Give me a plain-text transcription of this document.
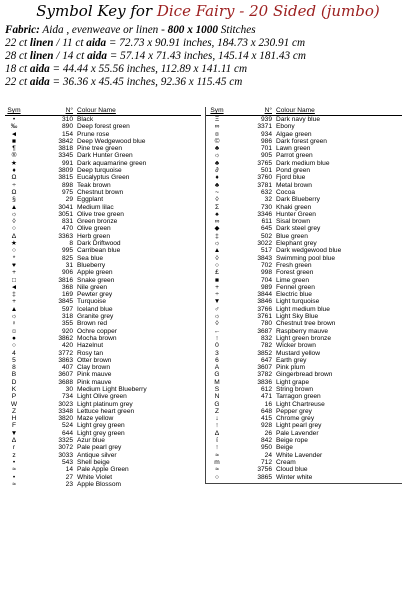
Symbol Key for Dice Fairy - 20 Sided (jumbo)
Fabric: Aida , evenweave or linen - 800 x 1000 Stitches
22 ct linen / 11 ct aida = 72.73 x 90.91 inches, 184.73 x 230.91 cm
28 ct linen / 14 ct aida = 57.14 x 71.43 inches, 145.14 x 181.43 cm
18 ct aida = 44.44 x 55.56 inches, 112.89 x 141.11 cm
22 ct aida = 36.36 x 45.45 inches, 92.36 x 115.45 cm
Sym	N° Colour Name
•	310 Black
‰	890 Deep forest green
◄	154 Prune rose
■	3842 Deep Wedgewood blue
¶	3818 Pine tree green
®	3345 Dark Hunter Green
★	991 Dark aquamarine green
♦	3809 Deep turquoise
Ω	3815 Eucalyptus Green
÷	898 Teak brown
Ω	975 Chestnut brown
§	29 Eggplant
▲	3041 Medium lilac
☼	3051 Olive tree green
◊	831 Green bronze
○	470 Olive green
Δ	3363 Herb green
★	8 Dark Driftwood
○	995 Carribean blue
*	825 Sea blue
♥	31 Blueberry
+	906 Apple green
□	3816 Snake green
◄	368 Nile green
‡	169 Pewter grey
+	3845 Turquoise
▲	597 Iceland blue
☼	318 Granite grey
♀	355 Brown red
☺	920 Ochre copper
●	3862 Mocha brown
○	420 Hazelnut
4	3772 Rosy tan
5	3863 Otter brown
8	407 Clay brown
B	3607 Pink mauve
D	3688 Pink mauve
K	30 Medium Light Blueberry
P	734 Light Olive green
W	3023 Light platinum grey
Z	3348 Lettuce heart green
H	3820 Maze yellow
F	524 Light grey green
▼	644 Light grey green
Δ	3325 Azur blue
r	3072 Pale pearl grey
z	3033 Antique silver
•	543 Shell beige
≈	14 Pale Apple Green
•	27 White Violet
≈	23 Apple Blossom
Sym	N° Colour Name
Ξ	939 Dark navy blue
∞	3371 Ebony
¤	934 Algae green
©	986 Dark forest green
♣	701 Lawn green
☼	905 Parrot green
♣	3765 Dark medium blue
∂	501 Pond green
♦	3760 Fjord blue
♣	3781 Metal brown
~	632 Cocoa
◊	32 Dark Blueberry
Σ	730 Khaki green
♠	3346 Hunter Green
∞	611 Sisal brown
◆	645 Dark steel grey
‡	502 Blue green
☼	3022 Elephant grey
▲	517 Dark wedgewood blue
◊	3843 Swimming pool blue
○	702 Fresh green
£	998 Forest green
■	704 Lime green
+	989 Fennel green
÷	3844 Electric blue
▼	3846 Light turquoise
♂	3766 Light medium blue
☼	3761 Light Sky Blue
◊	780 Chestnut tree brown
←	3687 Raspberry mauve
↑	832 Light green bronze
0	782 Wicker brown
3	3852 Mustard yellow
6	647 Earth grey
A	3607 Pink plum
G	3782 Gingerbread brown
M	3836 Light grape
S	612 String brown
N	471 Tarragon green
G	16 Light Chartreuse
Z	648 Pepper grey
↓	415 Chrome grey
↑	928 Light pearl grey
Δ	26 Pale Lavender
ί	842 Beige rope
↑	950 Beige
≈	24 White Lavender
m	712 Cream
≈	3756 Cloud blue
○	3865 Winter white
